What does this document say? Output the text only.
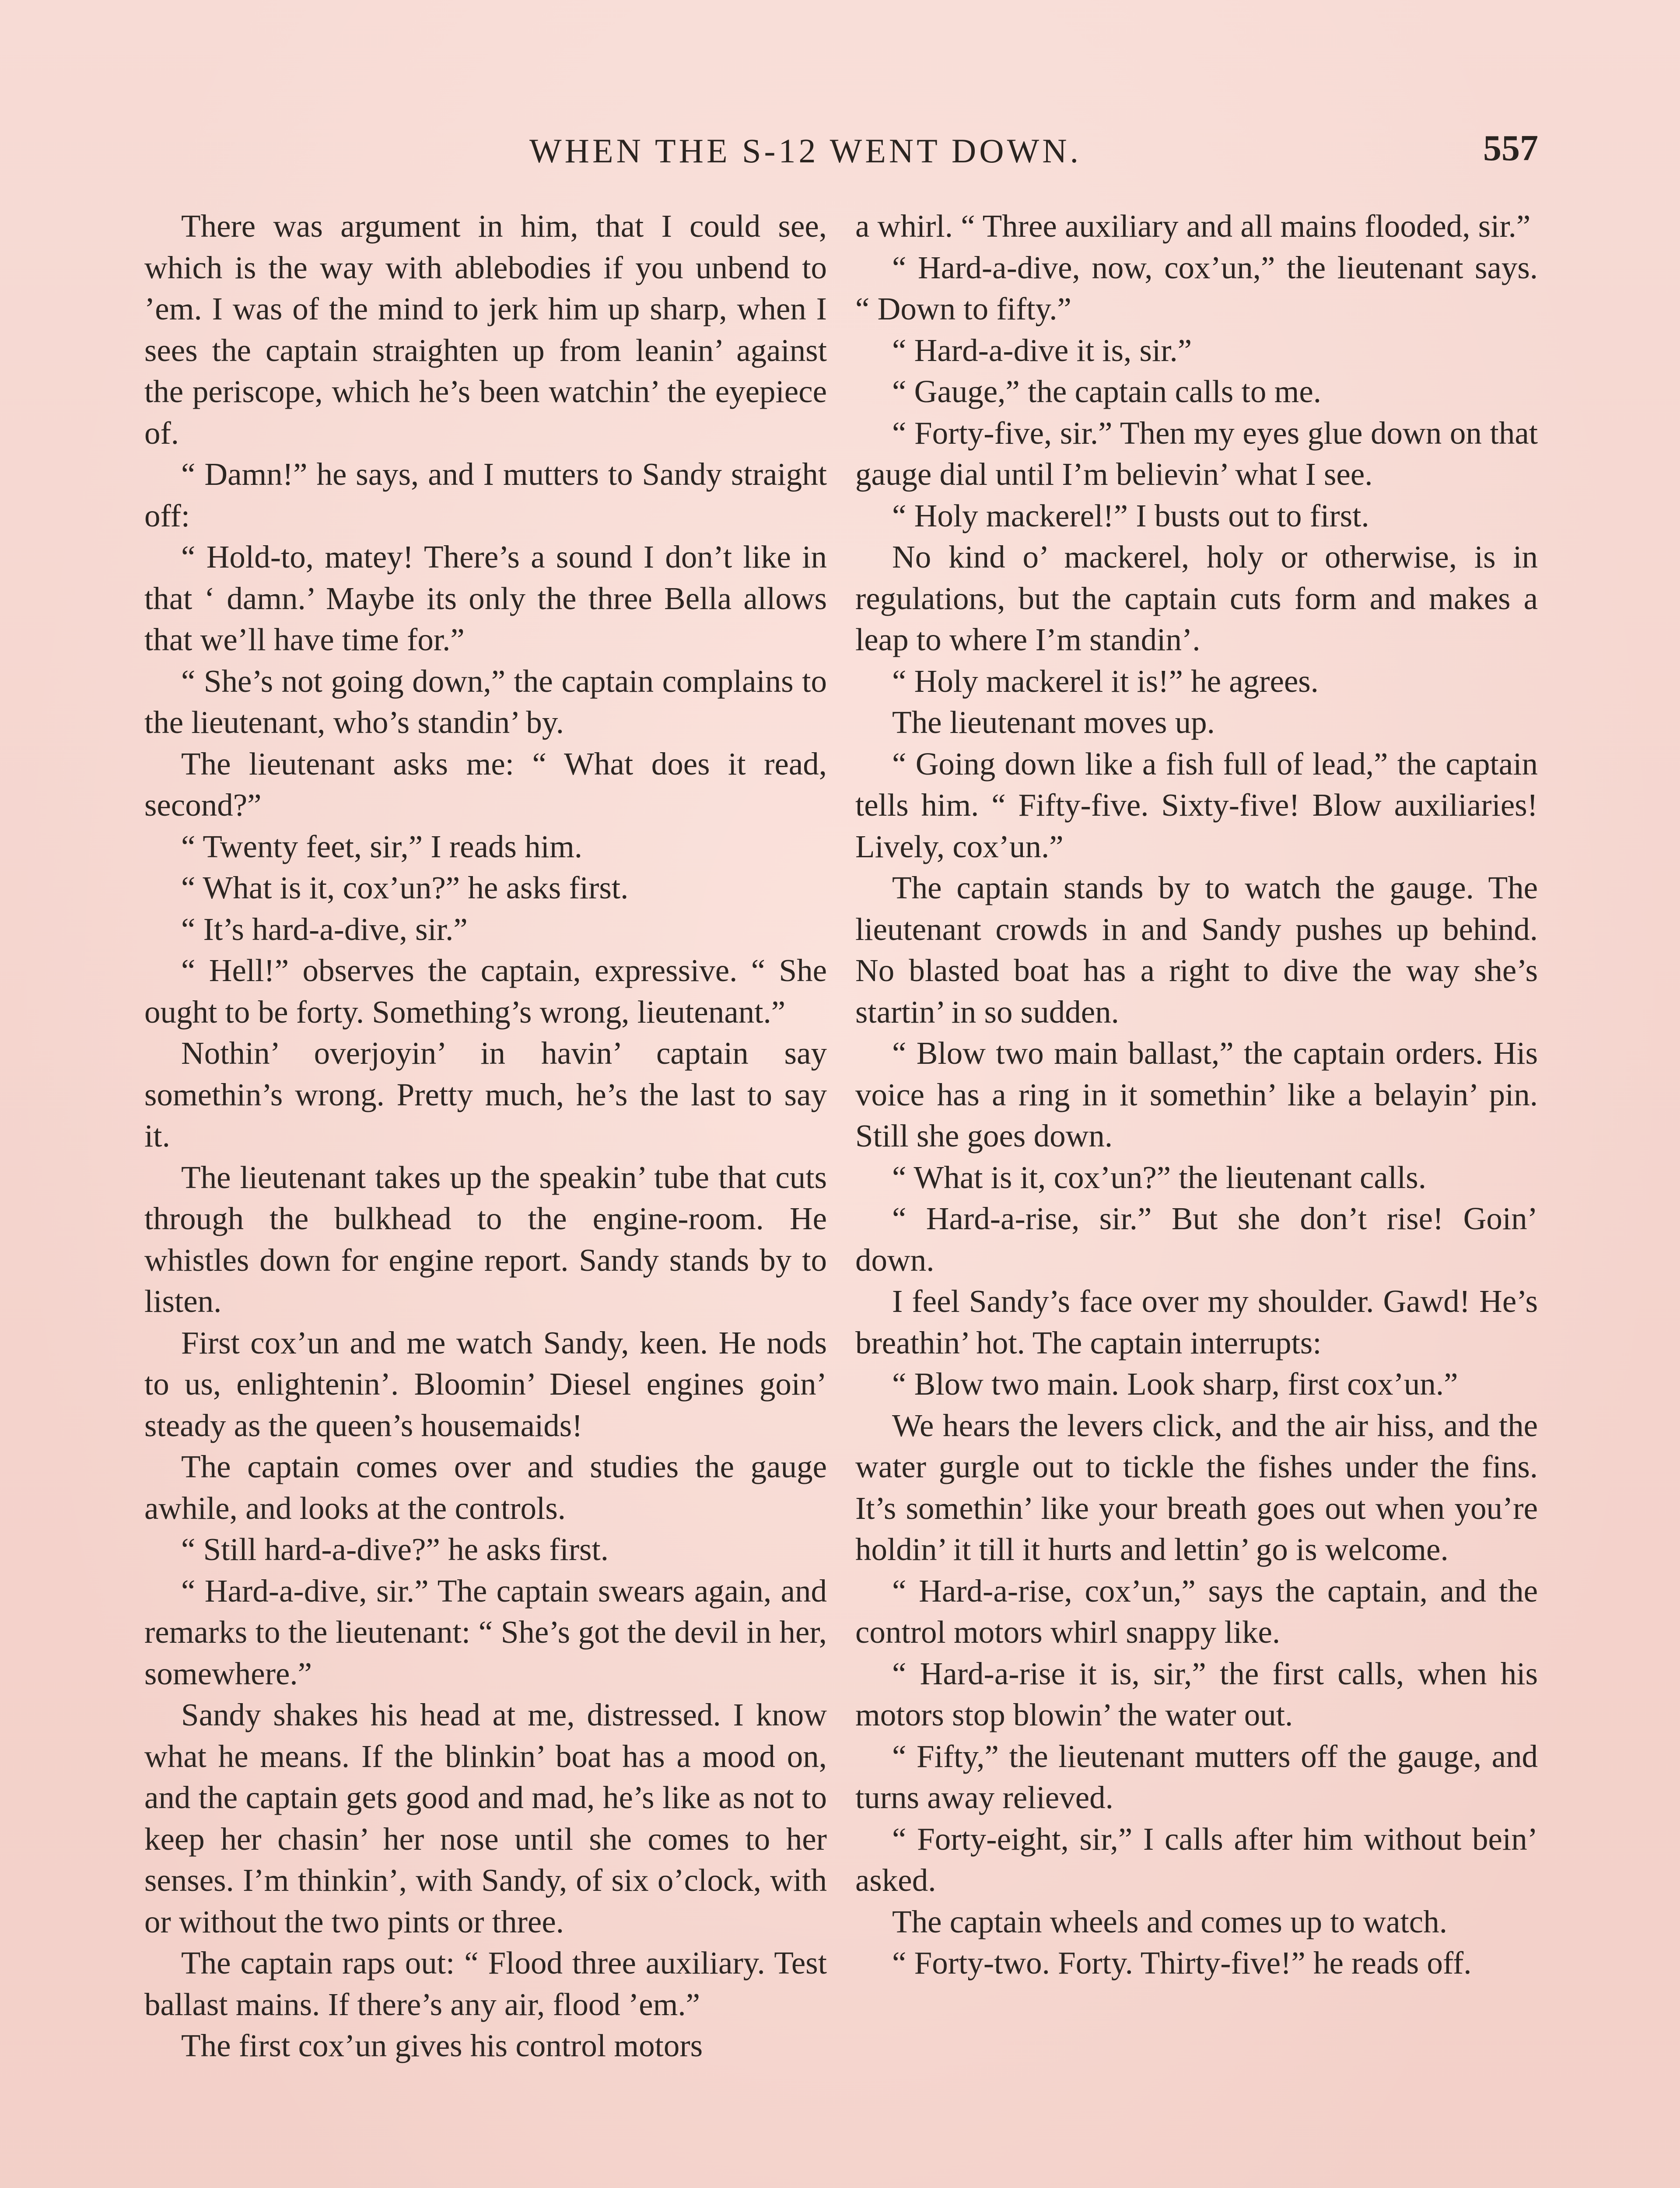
WHEN THE S-12 WENT DOWN.	557

There was argument in him, that I could see, which is the way with ablebodies if you unbend to ’em. I was of the mind to jerk him up sharp, when I sees the captain straighten up from leanin’ against the periscope, which he’s been watchin’ the eyepiece of.

“ Damn!” he says, and I mutters to Sandy straight off:

“ Hold-to, matey! There’s a sound I don’t like in that ‘ damn.’ Maybe its only the three Bella allows that we’ll have time for.”

“ She’s not going down,” the captain complains to the lieutenant, who’s standin’ by.

The lieutenant asks me: “ What does it read, second?”

“ Twenty feet, sir,” I reads him.

“ What is it, cox’un?” he asks first.

“ It’s hard-a-dive, sir.”

“ Hell!” observes the captain, expressive. “ She ought to be forty. Something’s wrong, lieutenant.”

Nothin’ overjoyin’ in havin’ captain say somethin’s wrong. Pretty much, he’s the last to say it.

The lieutenant takes up the speakin’ tube that cuts through the bulkhead to the engine-room. He whistles down for engine report. Sandy stands by to listen.

First cox’un and me watch Sandy, keen. He nods to us, enlightenin’. Bloomin’ Diesel engines goin’ steady as the queen’s housemaids!

The captain comes over and studies the gauge awhile, and looks at the controls.

“ Still hard-a-dive?” he asks first.

“ Hard-a-dive, sir.” The captain swears again, and remarks to the lieutenant: “ She’s got the devil in her, somewhere.”

Sandy shakes his head at me, distressed. I know what he means. If the blinkin’ boat has a mood on, and the captain gets good and mad, he’s like as not to keep her chasin’ her nose until she comes to her senses. I’m thinkin’, with Sandy, of six o’clock, with or without the two pints or three.

The captain raps out: “ Flood three auxiliary. Test ballast mains. If there’s any air, flood ’em.”

The first cox’un gives his control motors

a whirl. “ Three auxiliary and all mains flooded, sir.”

“ Hard-a-dive, now, cox’un,” the lieutenant says. “ Down to fifty.”

“ Hard-a-dive it is, sir.”

“ Gauge,” the captain calls to me.

“ Forty-five, sir.” Then my eyes glue down on that gauge dial until I’m believin’ what I see.

“ Holy mackerel!” I busts out to first.

No kind o’ mackerel, holy or otherwise, is in regulations, but the captain cuts form and makes a leap to where I’m standin’.

“ Holy mackerel it is!” he agrees.

The lieutenant moves up.

“ Going down like a fish full of lead,” the captain tells him. “ Fifty-five. Sixty-five! Blow auxiliaries! Lively, cox’un.”

The captain stands by to watch the gauge. The lieutenant crowds in and Sandy pushes up behind. No blasted boat has a right to dive the way she’s startin’ in so sudden.

“ Blow two main ballast,” the captain orders. His voice has a ring in it somethin’ like a belayin’ pin. Still she goes down.

“ What is it, cox’un?” the lieutenant calls.

“ Hard-a-rise, sir.” But she don’t rise! Goin’ down.

I feel Sandy’s face over my shoulder. Gawd! He’s breathin’ hot. The captain interrupts:

“ Blow two main. Look sharp, first cox’un.”

We hears the levers click, and the air hiss, and the water gurgle out to tickle the fishes under the fins. It’s somethin’ like your breath goes out when you’re holdin’ it till it hurts and lettin’ go is welcome.

“ Hard-a-rise, cox’un,” says the captain, and the control motors whirl snappy like.

“ Hard-a-rise it is, sir,” the first calls, when his motors stop blowin’ the water out.

“ Fifty,” the lieutenant mutters off the gauge, and turns away relieved.

“ Forty-eight, sir,” I calls after him without bein’ asked.

The captain wheels and comes up to watch.

“ Forty-two. Forty. Thirty-five!” he reads off.
